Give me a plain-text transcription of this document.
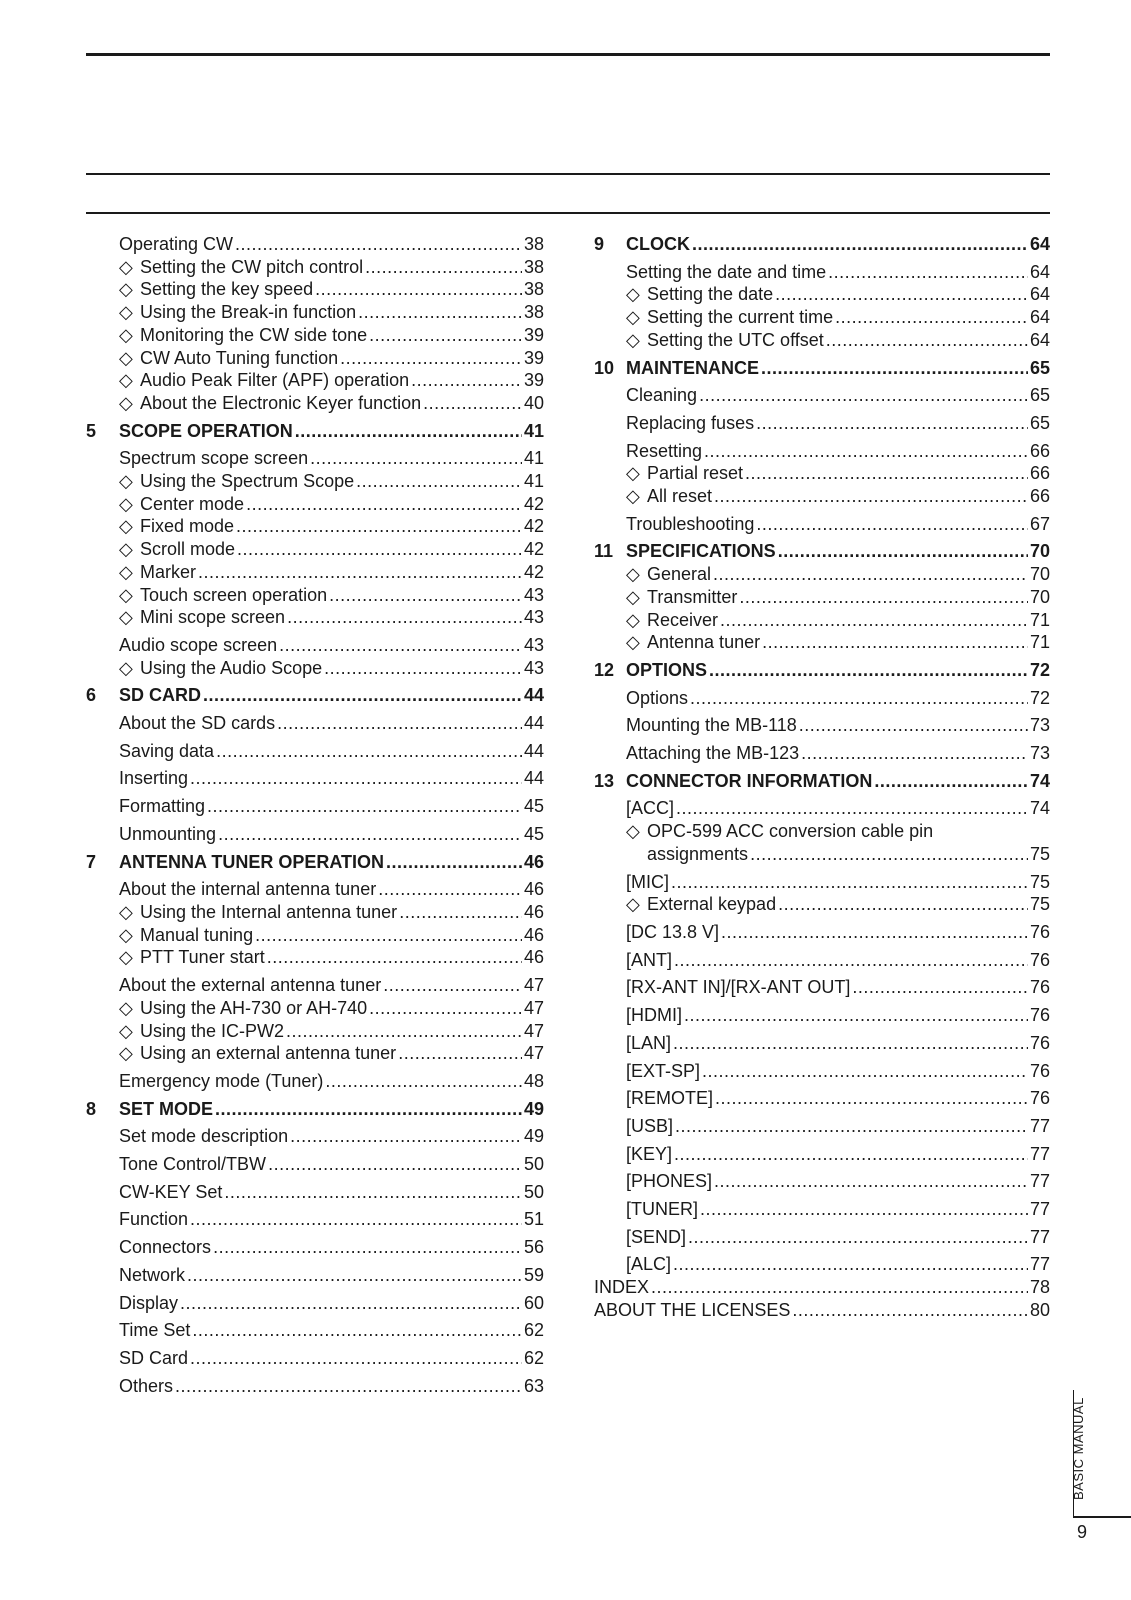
Operating CW .....	38
◇ Setting the CW pitch control .....	38
◇ Setting the key speed .....	38
◇ Using the Break-in function .....	38
◇ Monitoring the CW side tone .....	39
◇ CW Auto Tuning function .....	39
◇ Audio Peak Filter (APF) operation .....	39
◇ About the Electronic Keyer function .....	40
5	SCOPE OPERATION .....	41
Spectrum scope screen .....	41
◇ Using the Spectrum Scope .....	41
◇ Center mode .....	42
◇ Fixed mode .....	42
◇ Scroll mode .....	42
◇ Marker .....	42
◇ Touch screen operation .....	43
◇ Mini scope screen .....	43
Audio scope screen .....	43
◇ Using the Audio Scope .....	43
6	SD CARD .....	44
About the SD cards .....	44
Saving data .....	44
Inserting .....	44
Formatting .....	45
Unmounting .....	45
7	ANTENNA TUNER OPERATION .....	46
About the internal antenna tuner .....	46
◇ Using the Internal antenna tuner .....	46
◇ Manual tuning .....	46
◇ PTT Tuner start .....	46
About the external antenna tuner .....	47
◇ Using the AH-730 or AH-740 .....	47
◇ Using the IC-PW2 .....	47
◇ Using an external antenna tuner .....	47
Emergency mode (Tuner) .....	48
8	SET MODE .....	49
Set mode description .....	49
Tone Control/TBW .....	50
CW-KEY Set .....	50
Function .....	51
Connectors .....	56
Network .....	59
Display .....	60
Time Set .....	62
SD Card .....	62
Others .....	63
9	CLOCK .....	64
Setting the date and time .....	64
◇ Setting the date .....	64
◇ Setting the current time .....	64
◇ Setting the UTC offset .....	64
10 MAINTENANCE .....	65
Cleaning .....	65
Replacing fuses .....	65
Resetting .....	66
◇ Partial reset .....	66
◇ All reset .....	66
Troubleshooting .....	67
11 SPECIFICATIONS .....	70
◇ General .....	70
◇ Transmitter .....	70
◇ Receiver .....	71
◇ Antenna tuner .....	71
12 OPTIONS .....	72
Options .....	72
Mounting the MB-118 .....	73
Attaching the MB-123 .....	73
13 CONNECTOR INFORMATION .....	74
[ACC] .....	74
◇ OPC-599 ACC conversion cable pin
assignments .....	75
[MIC] .....	75
◇ External keypad .....	75
[DC 13.8 V] .....	76
[ANT] .....	76
[RX-ANT IN]/[RX-ANT OUT] .....	76
[HDMI] .....	76
[LAN] .....	76
[EXT-SP] .....	76
[REMOTE] .....	76
[USB] .....	77
[KEY] .....	77
[PHONES] .....	77
[TUNER] .....	77
[SEND] .....	77
[ALC] .....	77
INDEX .....	78
ABOUT THE LICENSES .....	80
BASIC MANUAL
9
